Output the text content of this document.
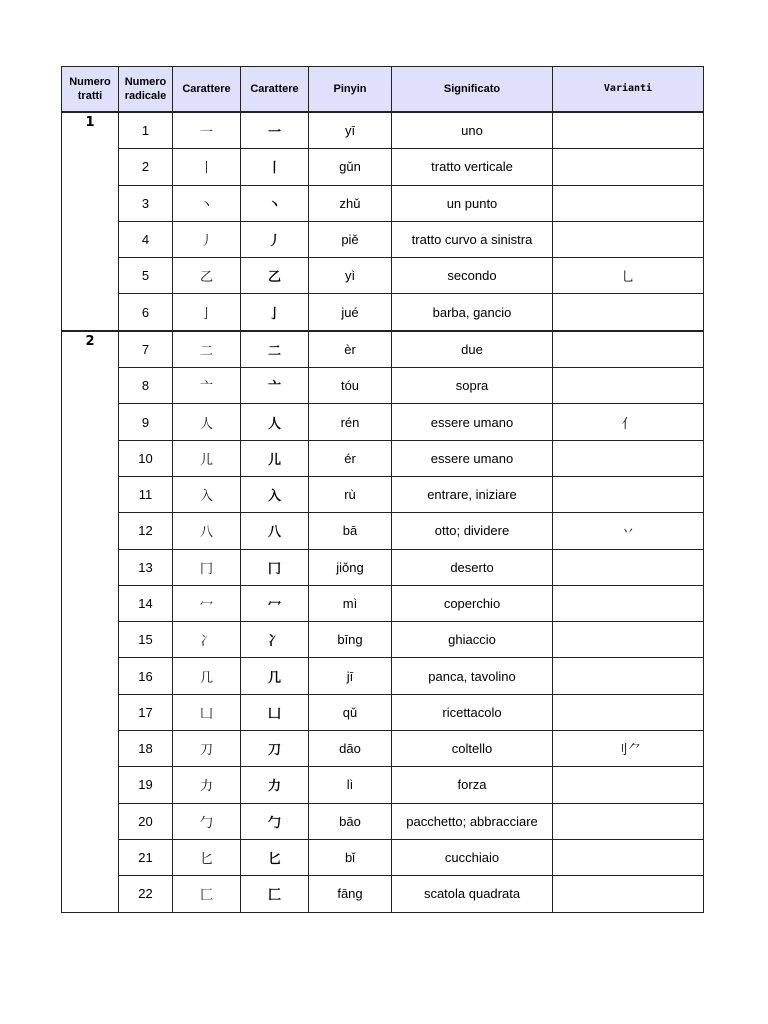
Numero tratti	Numero radicale	Carattere	Carattere	Pinyin	Significato	Varianti
1	1	一	一	yī	uno	
	2	丨	丨	gǔn	tratto verticale	
	3	丶	丶	zhǔ	un punto	
	4	丿	丿	piě	tratto curvo a sinistra	
	5	乙	乙	yì	secondo	乚
	6	亅	亅	jué	barba, gancio	
2	7	二	二	èr	due	
	8	亠	亠	tóu	sopra	
	9	人	人	rén	essere umano	亻
	10	儿	儿	ér	essere umano	
	11	入	入	rù	entrare, iniziare	
	12	八	八	bā	otto; dividere	丷
	13	冂	冂	jiǒng	deserto	
	14	冖	冖	mì	coperchio	
	15	冫	冫	bīng	ghiaccio	
	16	几	几	jī	panca, tavolino	
	17	凵	凵	qǔ	ricettacolo	
	18	刀	刀	dāo	coltello	刂⺈
	19	力	力	lì	forza	
	20	勹	勹	bāo	pacchetto; abbracciare	
	21	匕	匕	bǐ	cucchiaio	
	22	匚	匚	fāng	scatola quadrata	
